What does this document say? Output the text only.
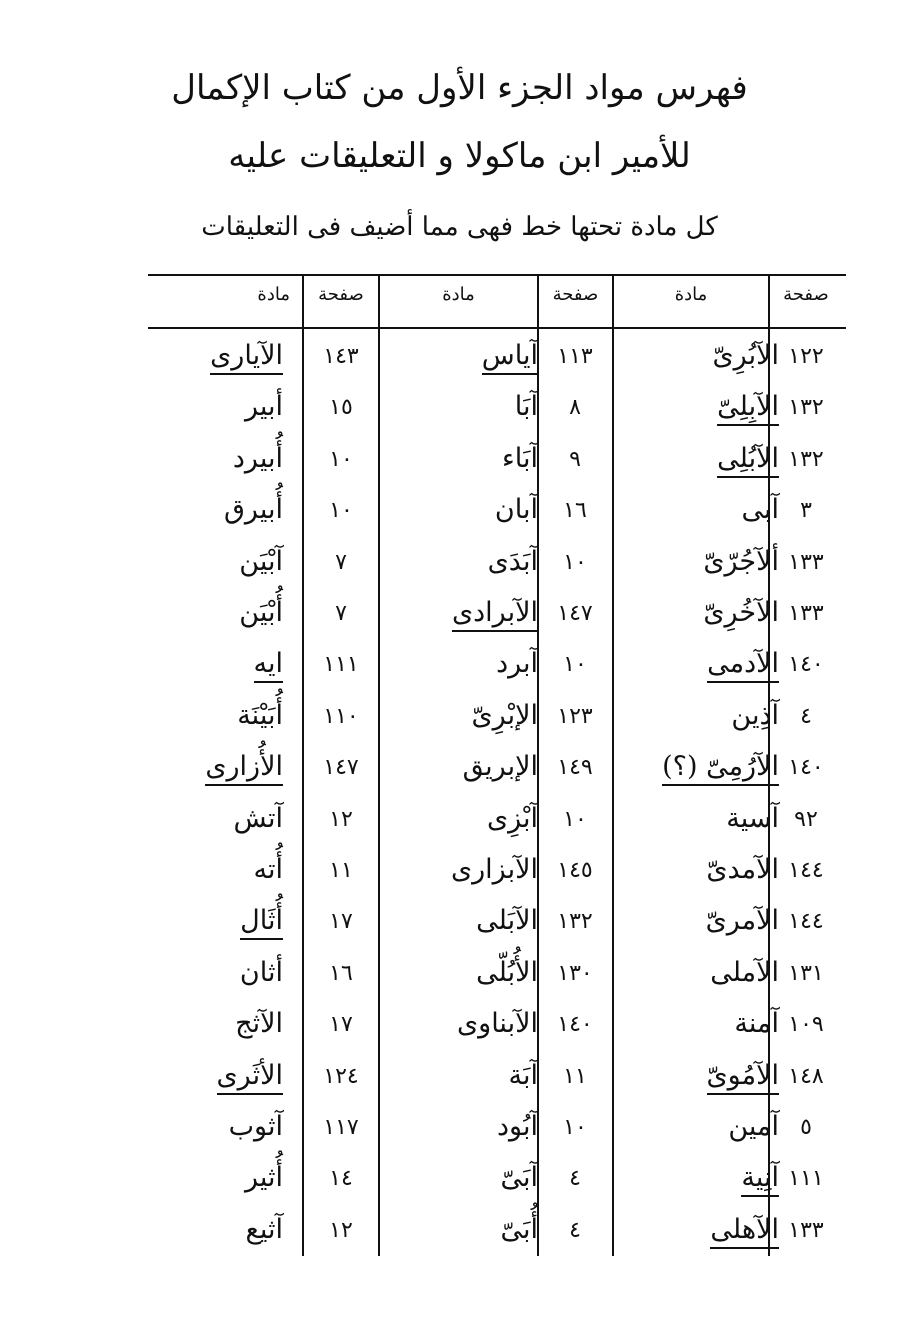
فهرس مواد الجزء الأول من كتاب الإكمال
للأمير ابن ماكولا و التعليقات عليه
كل مادة تحتها خط فهى مما أضيف فى التعليقات
صفحة
مادة
صفحة
مادة
صفحة
مادة
١٢٢
الآبُرِىّ
١٣٢
الآبِلِىّ
١٣٢
الآبُلِى
٣
آبى
١٣٣
ألآجُرّىّ
١٣٣
الآخُرِىّ
١٤٠
الآدمى
٤
آذِين
١٤٠
الآرُمِىّ (؟)
٩٢
آسية
١٤٤
الآمدىّ
١٤٤
الآمرىّ
١٣١
الآملى
١٠٩
آمنة
١٤٨
الآمُوىّ
٥
آمين
١١١
آنِية
١٣٣
الآهلى
١١٣
آياس
٨
آبَا
٩
آبَاء
١٦
آبان
١٠
آبَدَى
١٤٧
الآبرادى
١٠
آبرد
١٢٣
الإبْرِىّ
١٤٩
الإبريق
١٠
آبْزِى
١٤٥
الآبزارى
١٣٢
الآبَلى
١٣٠
الأُبُلّى
١٤٠
الآبناوى
١١
آبَة
١٠
آبُود
٤
آبَىّ
٤
أُبَىّ
١٤٣
الآيارى
١٥
أبير
١٠
أُبيرد
١٠
أُبيرق
٧
آبْيَن
٧
أُبْيَن
١١١
ايه
١١٠
أُبَيْنَة
١٤٧
الأُزارى
١٢
آتش
١١
أُته
١٧
أُثَال
١٦
أثان
١٧
الآثج
١٢٤
الأثَرى
١١٧
آثوب
١٤
أُثير
١٢
آثيع
